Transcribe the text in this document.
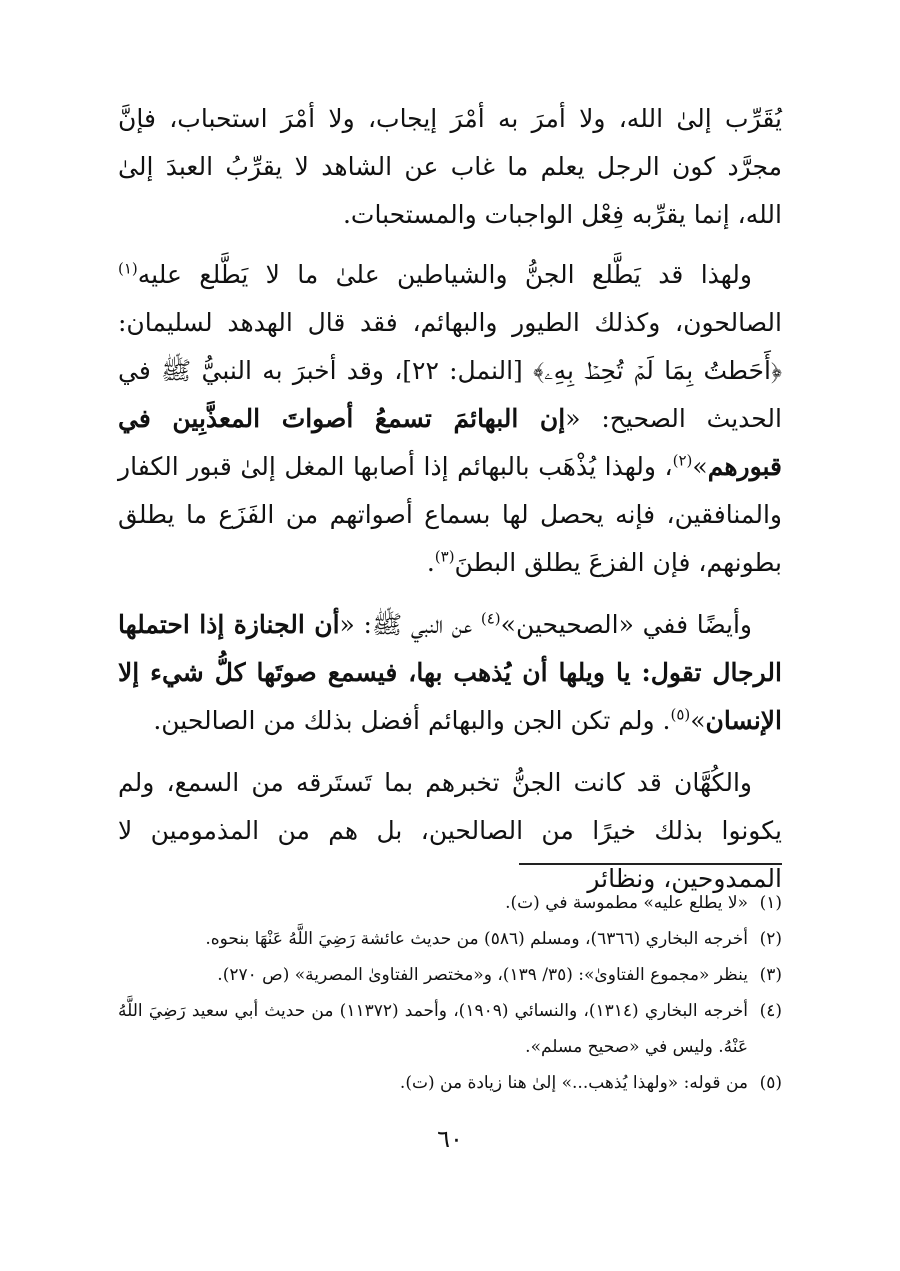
يُقَرِّب إلىٰ الله، ولا أمرَ به أمْرَ إيجاب، ولا أمْرَ استحباب، فإنَّ مجرَّد كون الرجل يعلم ما غاب عن الشاهد لا يقرِّبُ العبدَ إلىٰ الله، إنما يقرِّبه فِعْل الواجبات والمستحبات.

ولهذا قد يَطَّلع الجنُّ والشياطين علىٰ ما لا يَطَّلع عليه$^{(١)}$ الصالحون، وكذلك الطيور والبهائم، فقد قال الهدهد لسليمان: ﴿أَحَطتُ بِمَا لَمۡ تُحِطۡ بِهِۦ﴾ [النمل: ٢٢]، وقد أخبرَ به النبيُّ ﷺ في الحديث الصحيح: «إن البهائمَ تسمعُ أصواتَ المعذَّبِين في قبورهم»$^{(٢)}$، ولهذا يُذْهَب بالبهائم إذا أصابها المغل إلىٰ قبور الكفار والمنافقين، فإنه يحصل لها بسماع أصواتهم من الفَزَع ما يطلق بطونهم، فإن الفزعَ يطلق البطنَ$^{(٣)}$.

وأيضًا ففي «الصحيحين»$^{(٤)}$ عن النبي ﷺ: «أن الجنازة إذا احتملها الرجال تقول: يا ويلها أن يُذهب بها، فيسمع صوتَها كلُّ شيء إلا الإنسان»$^{(٥)}$. ولم تكن الجن والبهائم أفضل بذلك من الصالحين.

والكُهَّان قد كانت الجنُّ تخبرهم بما تَستَرقه من السمع، ولم يكونوا بذلك خيرًا من الصالحين، بل هم من المذمومين لا الممدوحين، ونظائر

(١)
«لا يطلع عليه» مطموسة في (ت).
(٢)
أخرجه البخاري (٦٣٦٦)، ومسلم (٥٨٦) من حديث عائشة رَضِيَ اللَّهُ عَنْهَا بنحوه.
(٣)
ينظر «مجموع الفتاوىٰ»: (٣٥/ ١٣٩)، و«مختصر الفتاوىٰ المصرية» (ص ٢٧٠).
(٤)
أخرجه البخاري (١٣١٤)، والنسائي (١٩٠٩)، وأحمد (١١٣٧٢) من حديث أبي سعيد رَضِيَ اللَّهُ عَنْهُ. وليس في «صحيح مسلم».
(٥)
من قوله: «ولهذا يُذهب...» إلىٰ هنا زيادة من (ت).
٦٠
